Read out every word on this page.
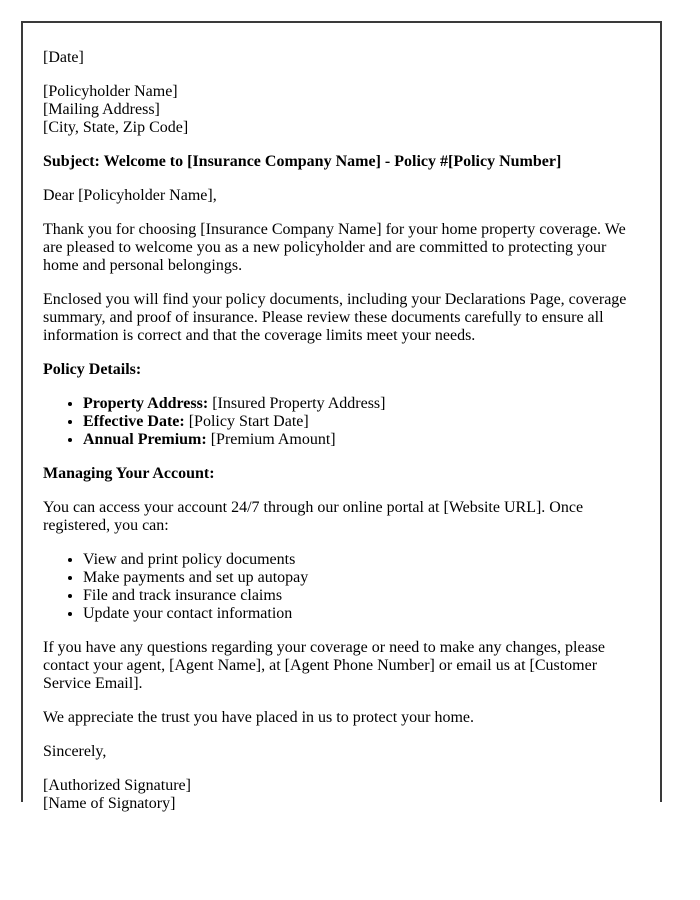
[Date]

[Policyholder Name]
[Mailing Address]
[City, State, Zip Code]

Subject: Welcome to [Insurance Company Name] - Policy #[Policy Number]

Dear [Policyholder Name],

Thank you for choosing [Insurance Company Name] for your home property coverage. We are pleased to welcome you as a new policyholder and are committed to protecting your home and personal belongings.

Enclosed you will find your policy documents, including your Declarations Page, coverage summary, and proof of insurance. Please review these documents carefully to ensure all information is correct and that the coverage limits meet your needs.

Policy Details:

• Property Address: [Insured Property Address]
• Effective Date: [Policy Start Date]
• Annual Premium: [Premium Amount]

Managing Your Account:

You can access your account 24/7 through our online portal at [Website URL]. Once registered, you can:

• View and print policy documents
• Make payments and set up autopay
• File and track insurance claims
• Update your contact information

If you have any questions regarding your coverage or need to make any changes, please contact your agent, [Agent Name], at [Agent Phone Number] or email us at [Customer Service Email].

We appreciate the trust you have placed in us to protect your home.

Sincerely,

[Authorized Signature]
[Name of Signatory]
